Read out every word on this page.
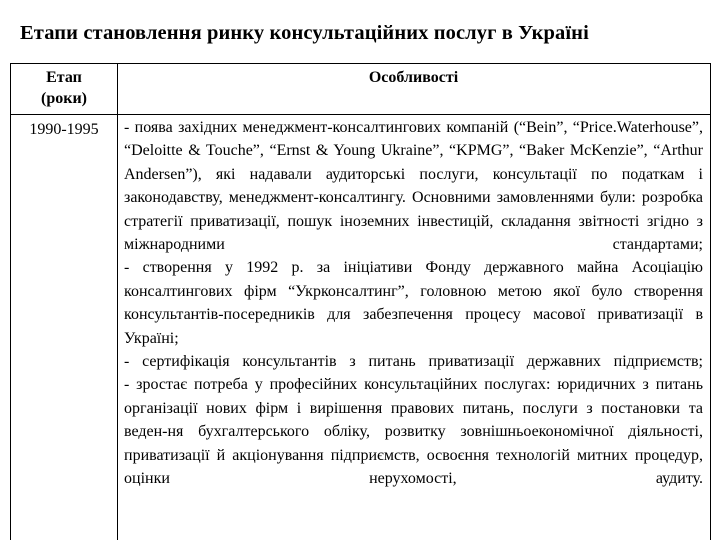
Етапи становлення ринку консультаційних послуг в Україні
Етап
(роки)
Особливості
1990-1995	- поява західних менеджмент-консалтингових компаній (“Bein”, “Price.Waterhouse”, “Deloitte & Touche”, “Ernst & Young Ukraine”, “KPMG”, “Baker McKenzie”, “Arthur Andersen”), які надавали аудиторські послуги, консультації по податкам і законодавству, менеджмент-консалтингу. Основними замовленнями були: розробка стратегії приватизації, пошук іноземних інвестицій, складання звітності згідно з міжнародними стандартами;

- створення у 1992 р. за ініціативи Фонду державного майна Асоціацію консалтингових фірм “Укрконсалтинг”, головною метою якої було створення консультантів-посередників для забезпечення процесу масової приватизації в Україні;

- сертифікація консультантів з питань приватизації державних підприємств;

- зростає потреба у професійних консультаційних послугах: юридичних з питань організації нових фірм і вирішення правових питань, послуги з постановки та веден-ня бухгалтерського обліку, розвитку зовнішньоекономічної діяльності, приватизації й акціонування підприємств, освоєння технологій митних процедур, оцінки нерухомості, аудиту.
